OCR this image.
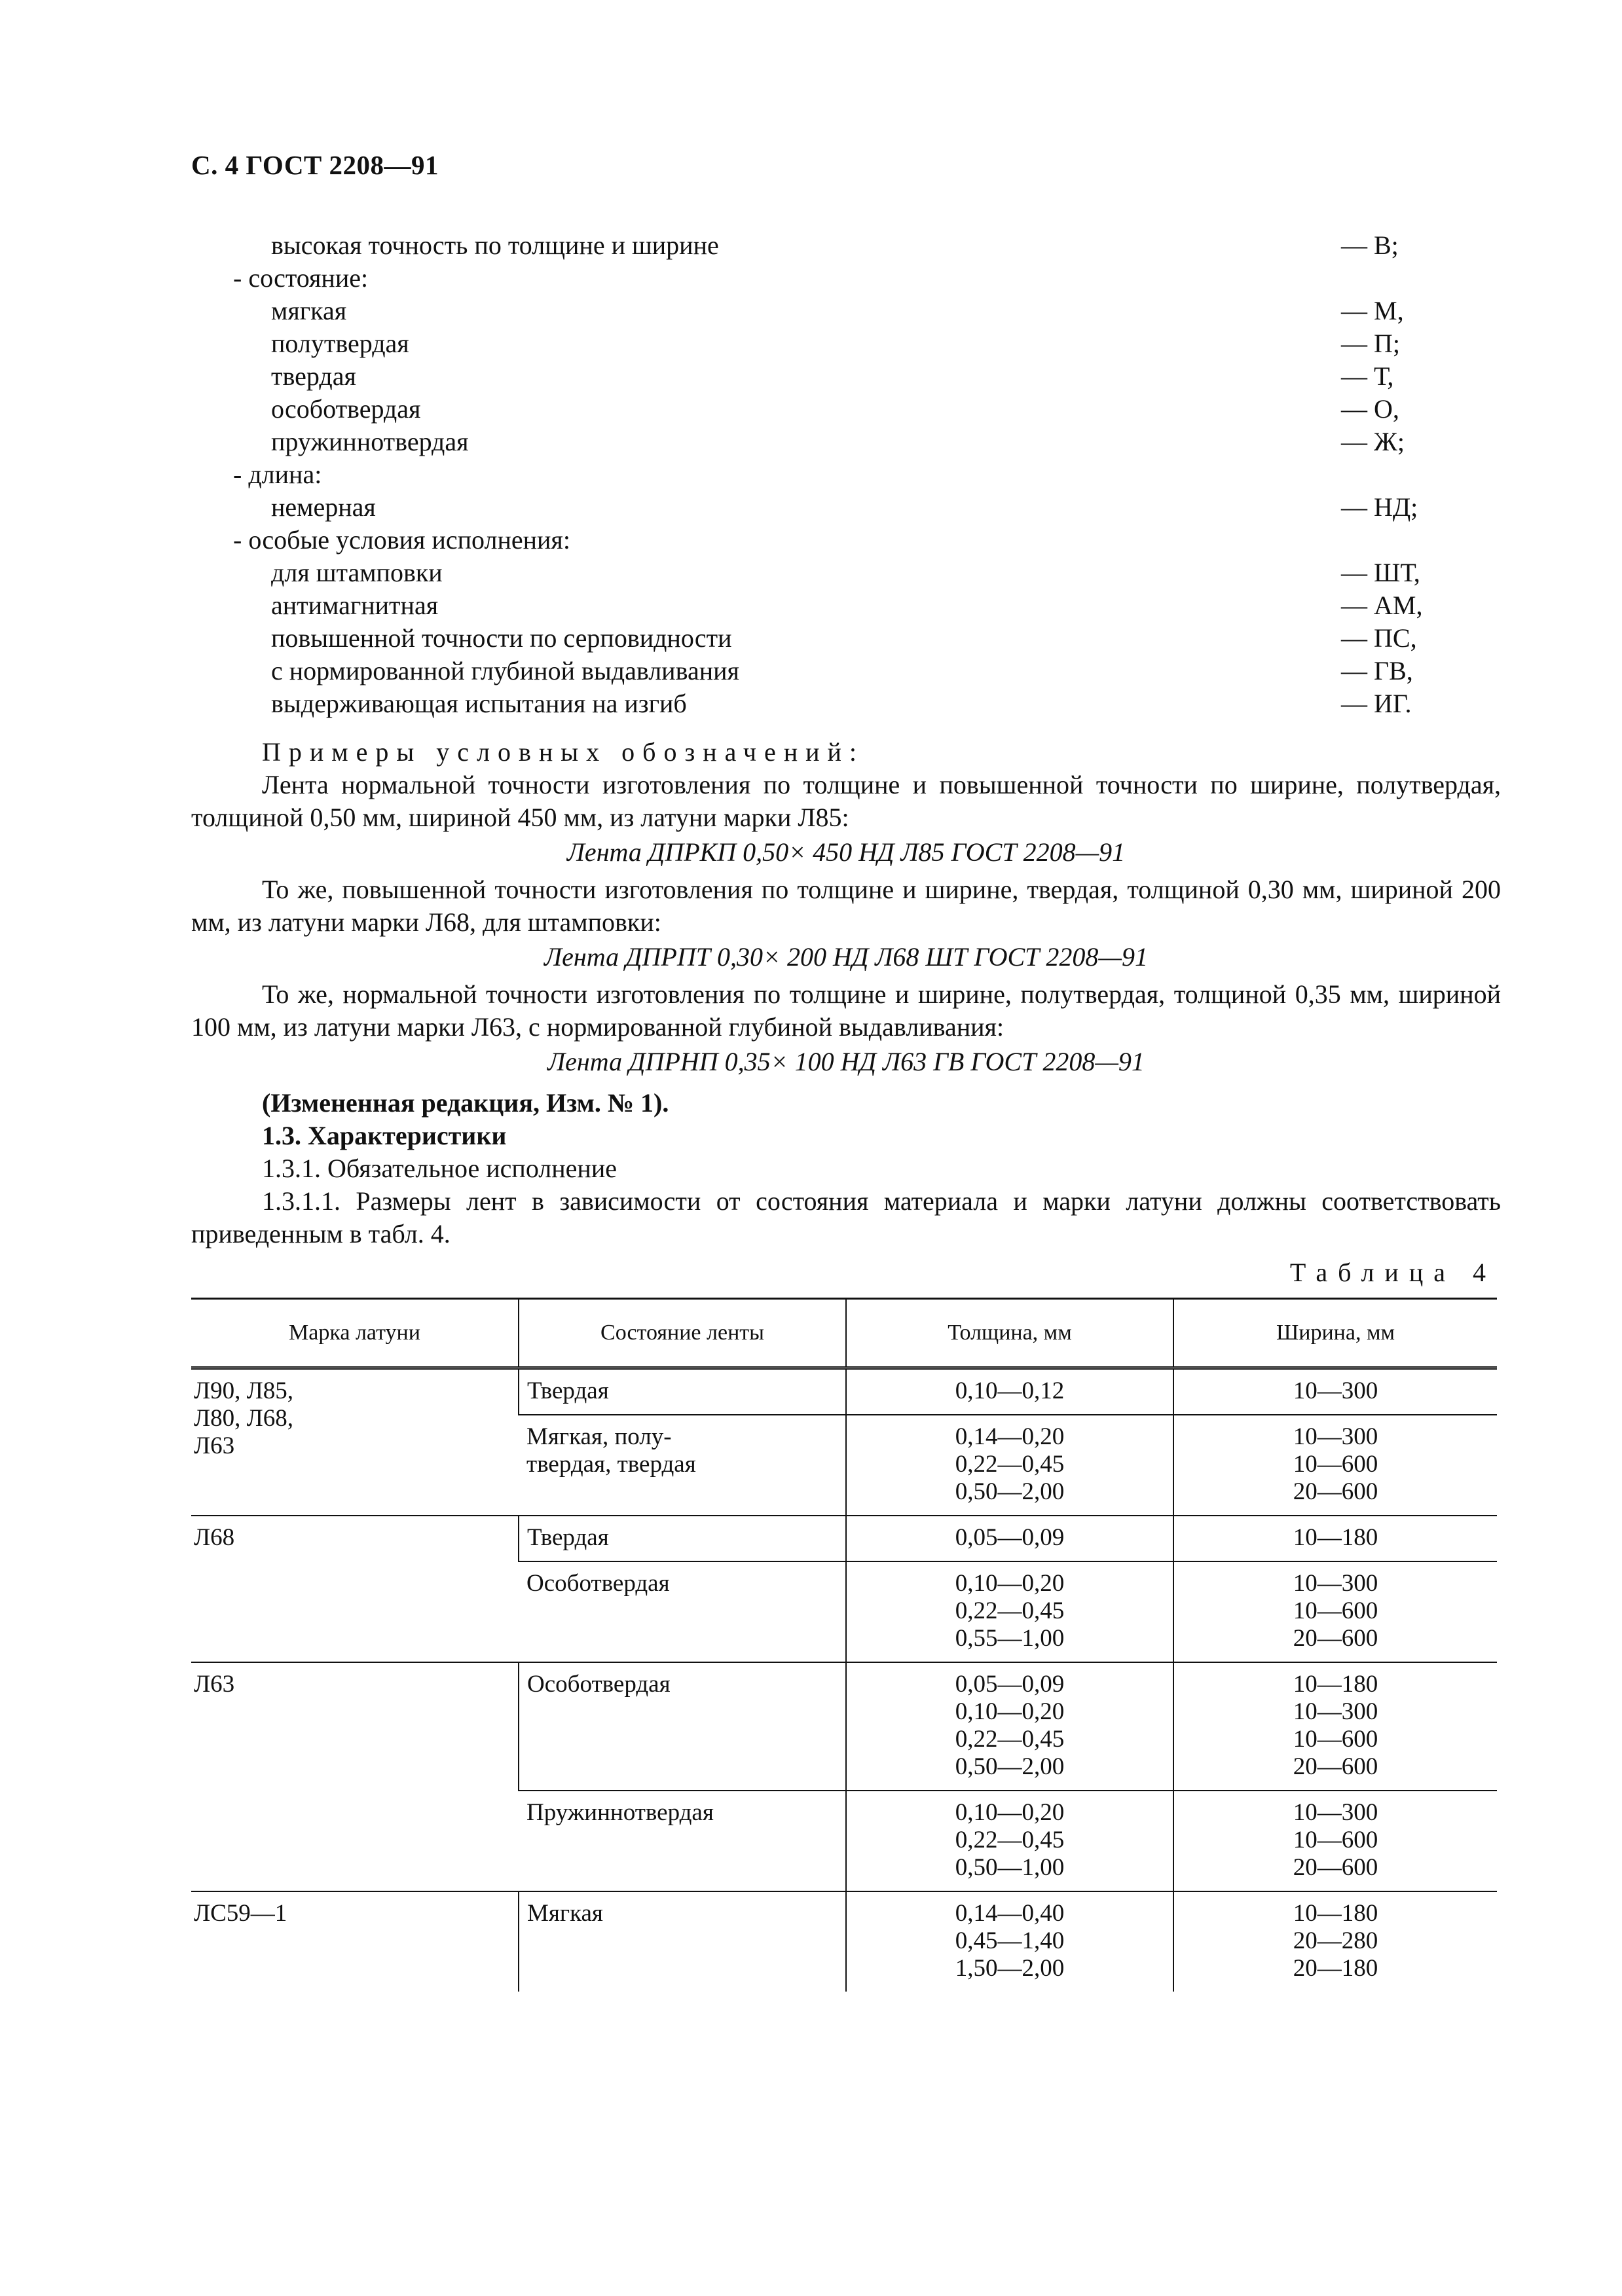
С. 4 ГОСТ 2208—91
высокая точность по толщине и ширине	— В;
- состояние:
мягкая	— М,
полутвердая	— П;
твердая	— Т,
особотвердая	— О,
пружиннотвердая	— Ж;
- длина:
немерная	— НД;
- особые условия исполнения:
для штамповки	— ШТ,
антимагнитная	— АМ,
повышенной точности по серповидности	— ПС,
с нормированной глубиной выдавливания	— ГВ,
выдерживающая испытания на изгиб	— ИГ.
Примеры условных обозначений:
Лента нормальной точности изготовления по толщине и повышенной точности по ширине, полутвердая, толщиной 0,50 мм, шириной 450 мм, из латуни марки Л85:
Лента ДПРКП 0,50× 450 НД Л85 ГОСТ 2208—91
То же, повышенной точности изготовления по толщине и ширине, твердая, толщиной 0,30 мм, шириной 200 мм, из латуни марки Л68, для штамповки:
Лента ДПРПТ 0,30× 200 НД Л68 ШТ ГОСТ 2208—91
То же, нормальной точности изготовления по толщине и ширине, полутвердая, толщиной 0,35 мм, шириной 100 мм, из латуни марки Л63, с нормированной глубиной выдавливания:
Лента ДПРНП 0,35× 100 НД Л63 ГВ ГОСТ 2208—91
(Измененная редакция, Изм. № 1).
1.3. Характеристики
1.3.1. Обязательное исполнение
1.3.1.1. Размеры лент в зависимости от состояния материала и марки латуни должны соответствовать приведенным в табл. 4.
Таблица 4
Марка латуни	Состояние ленты	Толщина, мм	Ширина, мм

Л90, Л85,
Л80, Л68,
Л63	Твердая	0,10—0,12	10—300

	Мягкая, полу-
твердая, твердая	0,14—0,20
0,22—0,45
0,50—2,00	10—300
10—600
20—600

Л68	Твердая	0,05—0,09	10—180

	Особотвердая	0,10—0,20
0,22—0,45
0,55—1,00	10—300
10—600
20—600

Л63	Особотвердая	0,05—0,09
0,10—0,20
0,22—0,45
0,50—2,00	10—180
10—300
10—600
20—600

	Пружиннотвердая	0,10—0,20
0,22—0,45
0,50—1,00	10—300
10—600
20—600

ЛС59—1	Мягкая	0,14—0,40
0,45—1,40
1,50—2,00	10—180
20—280
20—180
